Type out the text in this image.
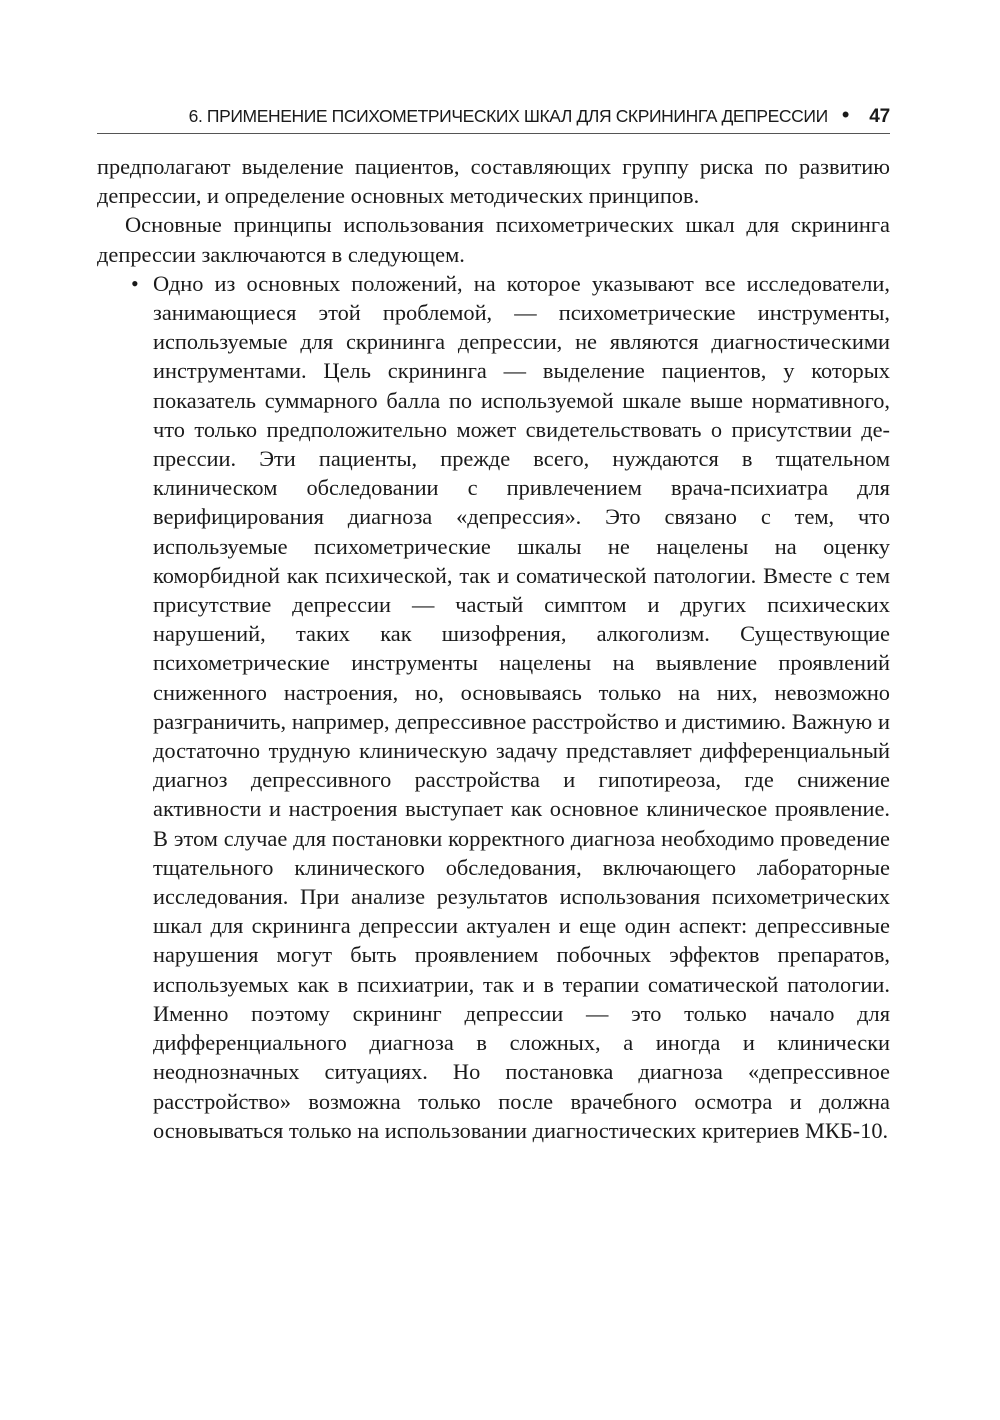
6. ПРИМЕНЕНИЕ ПСИХОМЕТРИЧЕСКИХ ШКАЛ ДЛЯ СКРИНИНГА ДЕПРЕССИИ • 47

предполагают выделение пациентов, составляющих группу риска по развитию депрессии, и определение основных методических принципов.

Основные принципы использования психометрических шкал для скрининга депрессии заключаются в следующем.

• Одно из основных положений, на которое указывают все исследователи, занимающиеся этой проблемой, — психометрические инструменты, используемые для скрининга депрессии, не являются диагностическими инструментами. Цель скрининга — выделение пациентов, у которых показатель суммарного балла по используемой шкале выше нормативного, что только предположительно может свидетельствовать о присутствии депрессии. Эти пациенты, прежде всего, нуждаются в тщательном клиническом обследовании с привлечением врача-психиатра для верифицирования диагноза «депрессия». Это связано с тем, что используемые психометрические шкалы не нацелены на оценку коморбидной как психической, так и соматической патологии. Вместе с тем присутствие депрессии — частый симптом и других психических нарушений, таких как шизофрения, алкоголизм. Существующие психометрические инструменты нацелены на выявление проявлений сниженного настроения, но, основываясь только на них, невозможно разграничить, например, депрессивное расстройство и дистимию. Важную и достаточно трудную клиническую задачу представляет дифференциальный диагноз депрессивного расстройства и гипотиреоза, где снижение активности и настроения выступает как основное клиническое проявление. В этом случае для постановки корректного диагноза необходимо проведение тщательного клинического обследования, включающего лабораторные исследования. При анализе результатов использования психометрических шкал для скрининга депрессии актуален и еще один аспект: депрессивные нарушения могут быть проявлением побочных эффектов препаратов, используемых как в психиатрии, так и в терапии соматической патологии. Именно поэтому скрининг депрессии — это только начало для дифференциального диагноза в сложных, а иногда и клинически неоднозначных ситуациях. Но постановка диагноза «депрессивное расстройство» возможна только после врачебного осмотра и должна основываться только на использовании диагностических критериев МКБ-10.
